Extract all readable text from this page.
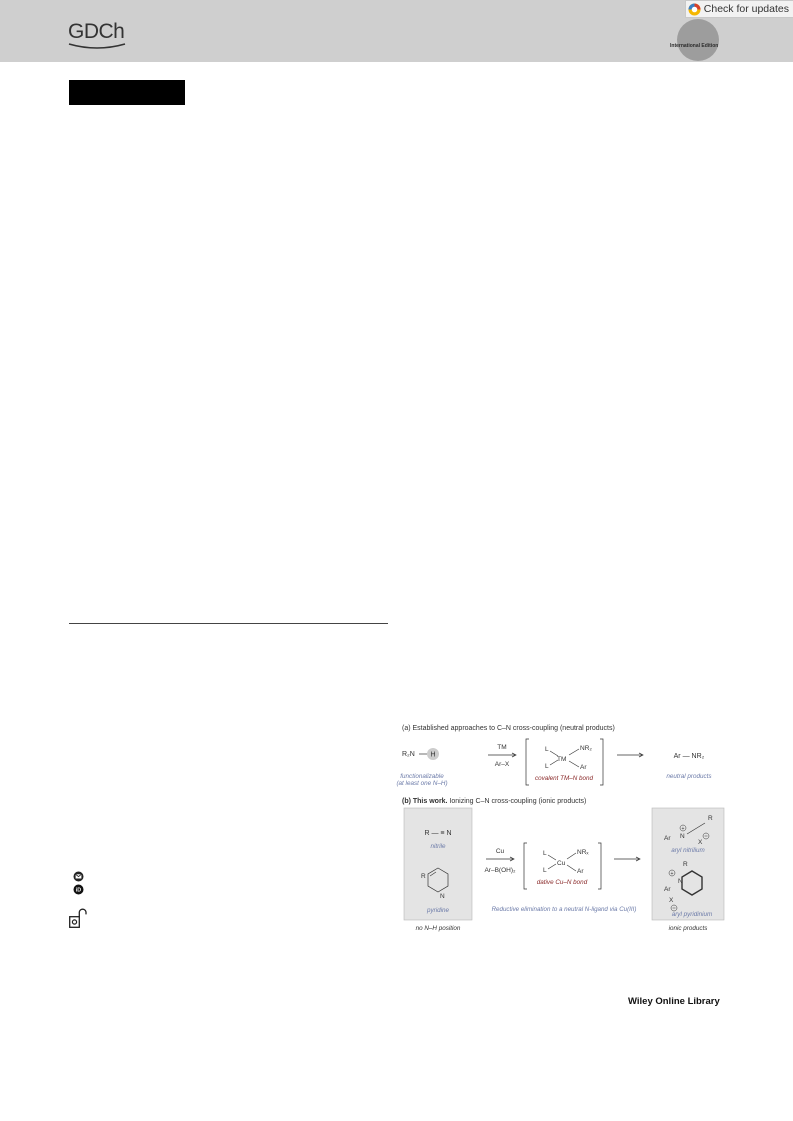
GDCh
Check for updates
International Edition
iD
(a) Established approaches to C–N cross-coupling (neutral products)
R₂N H
functionalizable
(at least one N–H)
TM
Ar–X
L
L
TM
NR₂
Ar
covalent TM–N bond
Ar — NR₂
neutral products
(b) This work. Ionizing C–N cross-coupling (ionic products)
R — ≡ N
nitrile
R
N
pyridine
no N–H position
Cu
Ar–B(OH)₂
L
L
Cu
NRₓ
Ar
dative Cu–N bond
Reductive elimination to a neutral N-ligand via Cu(III)
R
Ar
+
N
X
aryl nitrilium
R
N
+
Ar
X
aryl pyridinium
ionic products
Wiley Online Library
